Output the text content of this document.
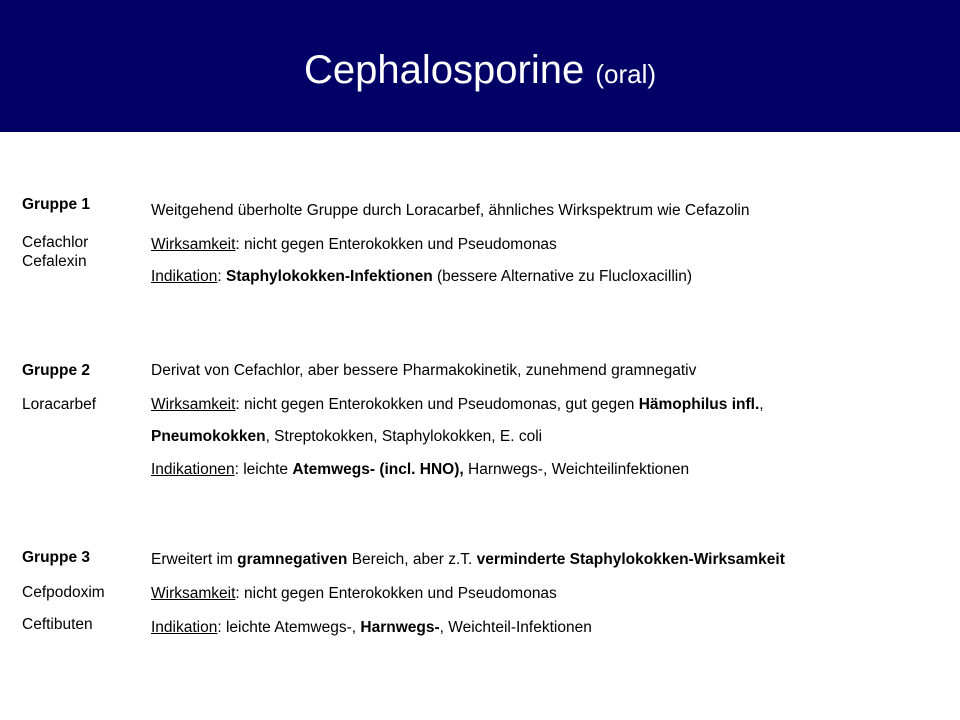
Cephalosporine (oral)
Gruppe 1
Cefachlor
Cefalexin
Weitgehend überholte Gruppe durch Loracarbef, ähnliches Wirkspektrum wie Cefazolin
Wirksamkeit: nicht gegen Enterokokken und Pseudomonas
Indikation: Staphylokokken-Infektionen (bessere Alternative zu Flucloxacillin)
Gruppe 2
Loracarbef
Derivat von Cefachlor, aber bessere Pharmakokinetik, zunehmend gramnegativ
Wirksamkeit: nicht gegen Enterokokken und Pseudomonas, gut gegen Hämophilus infl.,
Pneumokokken, Streptokokken, Staphylokokken, E. coli
Indikationen: leichte Atemwegs- (incl. HNO), Harnwegs-, Weichteilinfektionen
Gruppe 3
Cefpodoxim
Ceftibuten
Erweitert im gramnegativen Bereich, aber z.T. verminderte Staphylokokken-Wirksamkeit
Wirksamkeit: nicht gegen Enterokokken und Pseudomonas
Indikation: leichte Atemwegs-, Harnwegs-, Weichteil-Infektionen
